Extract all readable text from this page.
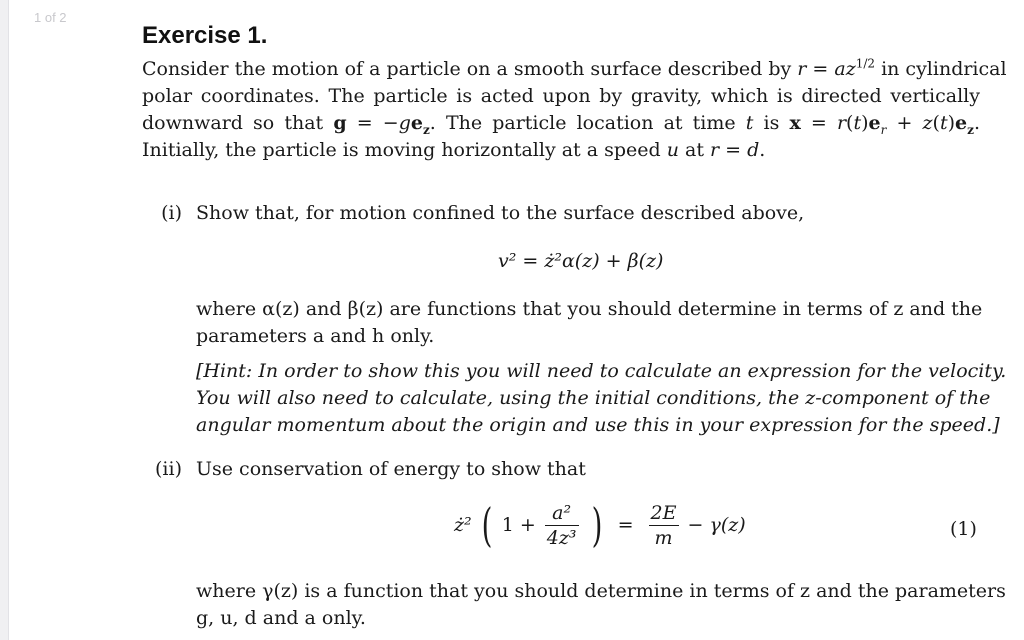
1 of 2
Exercise 1.
Consider the motion of a particle on a smooth surface described by $r = az^{1/2}$ in cylindrical
polar coordinates. The particle is acted upon by gravity, which is directed vertically
downward so that $g = -ge_z$. The particle location at time t is $x = r(t)e_r + z(t)e_z$.
Initially, the particle is moving horizontally at a speed u at r = d.
(i) Show that, for motion confined to the surface described above,
v² = ż²α(z) + β(z)
where α(z) and β(z) are functions that you should determine in terms of z and the
parameters a and h only.
[Hint: In order to show this you will need to calculate an expression for the velocity.
You will also need to calculate, using the initial conditions, the z-component of the
angular momentum about the origin and use this in your expression for the speed.]
(ii) Use conservation of energy to show that
ż² ( $1 + \frac{\text{a²}}{\text{4z³}}$ ) = $\frac{2E}{m} - \gamma(z)$	(1)
where γ(z) is a function that you should determine in terms of z and the parameters
g, u, d and a only.
